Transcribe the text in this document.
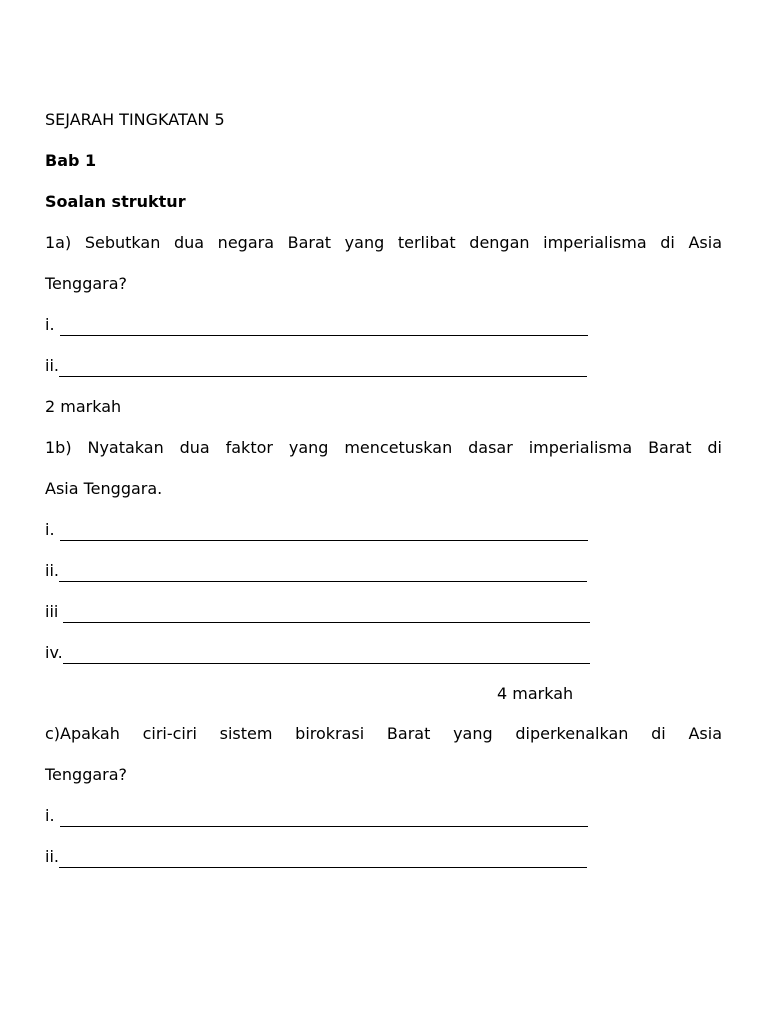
SEJARAH TINGKATAN 5
Bab 1
Soalan struktur
1a) Sebutkan dua negara Barat yang terlibat dengan imperialisma di Asia
Tenggara?
i.
ii.
2 markah
1b) Nyatakan dua faktor yang mencetuskan dasar imperialisma Barat di
Asia Tenggara.
i.
ii.
iii
iv.
4 markah
c)Apakah ciri-ciri sistem birokrasi Barat yang diperkenalkan di Asia
Tenggara?
i.
ii.
